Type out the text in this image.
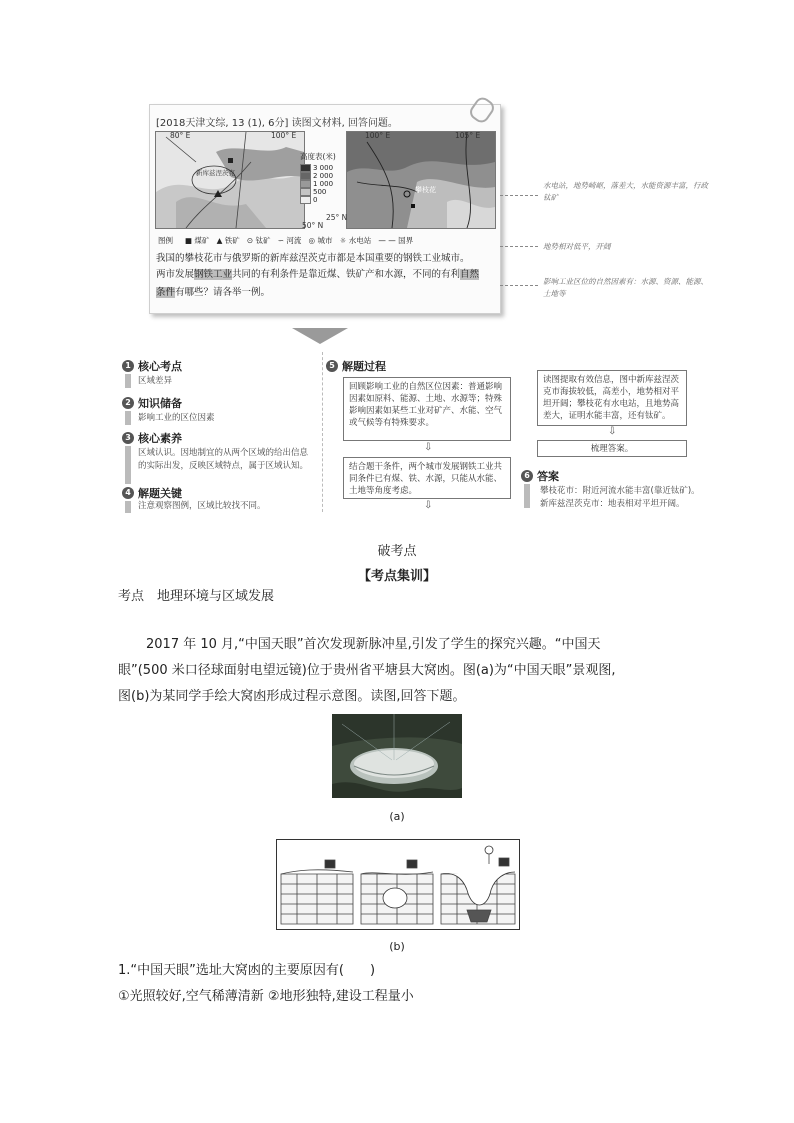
[2018天津文综, 13 (1), 6分] 读图文材料, 回答问题。
80° E	100° E
新库兹涅茨克
50° N
高度表(米)
3 000
2 000
1 000
500
0
100° E	105° E
攀枝花
25° N
图例 ■ 煤矿 ▲ 铁矿 ⊙ 钛矿 ∽ 河流 ◎ 城市 ☼ 水电站 — — 国界
我国的攀枝花市与俄罗斯的新库兹涅茨克市都是本国重要的钢铁工业城市。
两市发展钢铁工业共同的有利条件是靠近煤、铁矿产和水源，不同的有利自然
条件有哪些？请各举一例。
水电站，地势崎岖，落差大，水能资源丰富，行政钛矿
地势相对低平，开阔
影响工业区位的自然因素有：水源、资源、能源、土地等
1 核心考点
区域差异
2 知识储备
影响工业的区位因素
3 核心素养
区域认识。因地制宜的从两个区域的给出信息的实际出发，反映区域特点，属于区域认知。
4 解题关键
注意观察图例，区域比较找不同。
5 解题过程
回顾影响工业的自然区位因素：普通影响因素如原料、能源、土地、水源等；特殊影响因素如某些工业对矿产、水能、空气或气候等有特殊要求。
⇩
结合题干条件，两个城市发展钢铁工业共同条件已有煤、铁、水源，只能从水能、土地等角度考虑。
⇩
读图提取有效信息，图中新库兹涅茨克市海拔较低，高差小，地势相对平坦开阔；攀枝花有水电站，且地势高差大，证明水能丰富，还有钛矿。
⇩
梳理答案。
6 答案
攀枝花市：附近河流水能丰富(靠近钛矿)。
新库兹涅茨克市：地表相对平坦开阔。
破考点
【考点集训】
考点　地理环境与区域发展
2017 年 10 月,“中国天眼”首次发现新脉冲星,引发了学生的探究兴趣。“中国天
眼”(500 米口径球面射电望远镜)位于贵州省平塘县大窝凼。图(a)为“中国天眼”景观图,
图(b)为某同学手绘大窝凼形成过程示意图。读图,回答下题。
(a)
(b)
1.“中国天眼”选址大窝凼的主要原因有(　　)
①光照较好,空气稀薄清新 ②地形独特,建设工程量小
